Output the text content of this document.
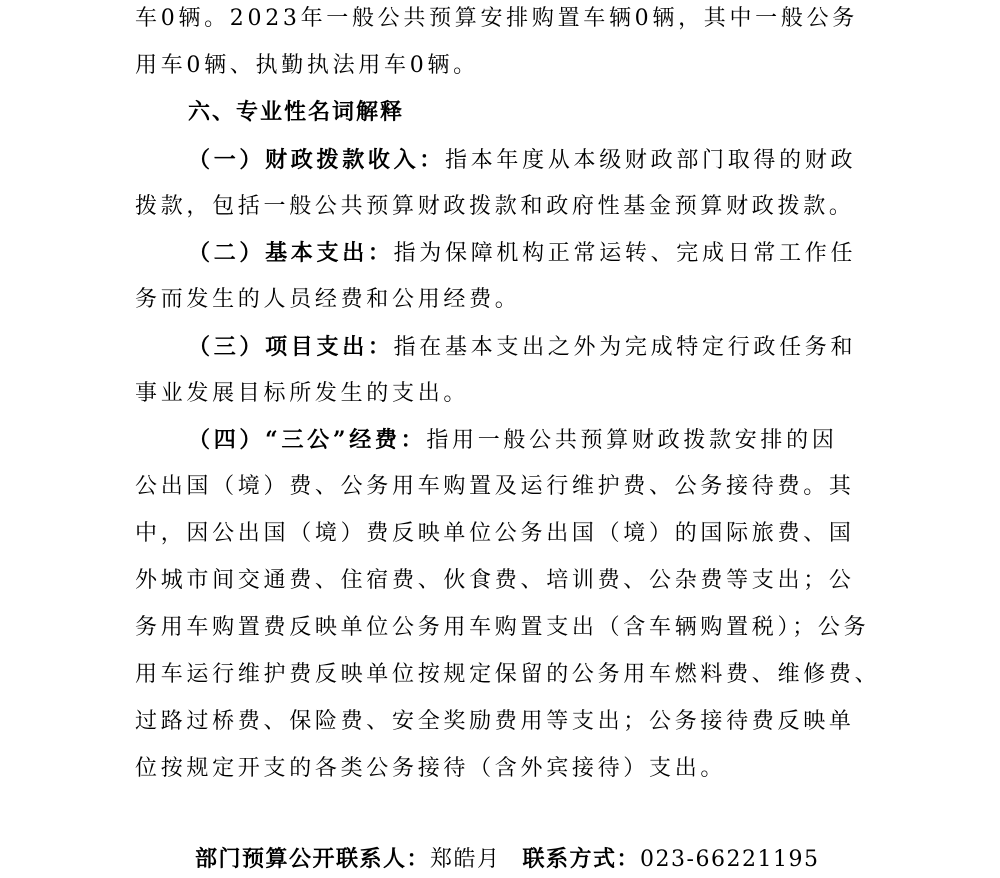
车0辆。2023年一般公共预算安排购置车辆0辆，其中一般公务
用车0辆、执勤执法用车0辆。
六、专业性名词解释
（一）财政拨款收入：指本年度从本级财政部门取得的财政
拨款，包括一般公共预算财政拨款和政府性基金预算财政拨款。
（二）基本支出：指为保障机构正常运转、完成日常工作任
务而发生的人员经费和公用经费。
（三）项目支出：指在基本支出之外为完成特定行政任务和
事业发展目标所发生的支出。
（四）“三公”经费：指用一般公共预算财政拨款安排的因
公出国（境）费、公务用车购置及运行维护费、公务接待费。其
中，因公出国（境）费反映单位公务出国（境）的国际旅费、国
外城市间交通费、住宿费、伙食费、培训费、公杂费等支出；公
务用车购置费反映单位公务用车购置支出（含车辆购置税）；公务
用车运行维护费反映单位按规定保留的公务用车燃料费、维修费、
过路过桥费、保险费、安全奖励费用等支出；公务接待费反映单
位按规定开支的各类公务接待（含外宾接待）支出。
部门预算公开联系人：郑皓月 联系方式：023-66221195
